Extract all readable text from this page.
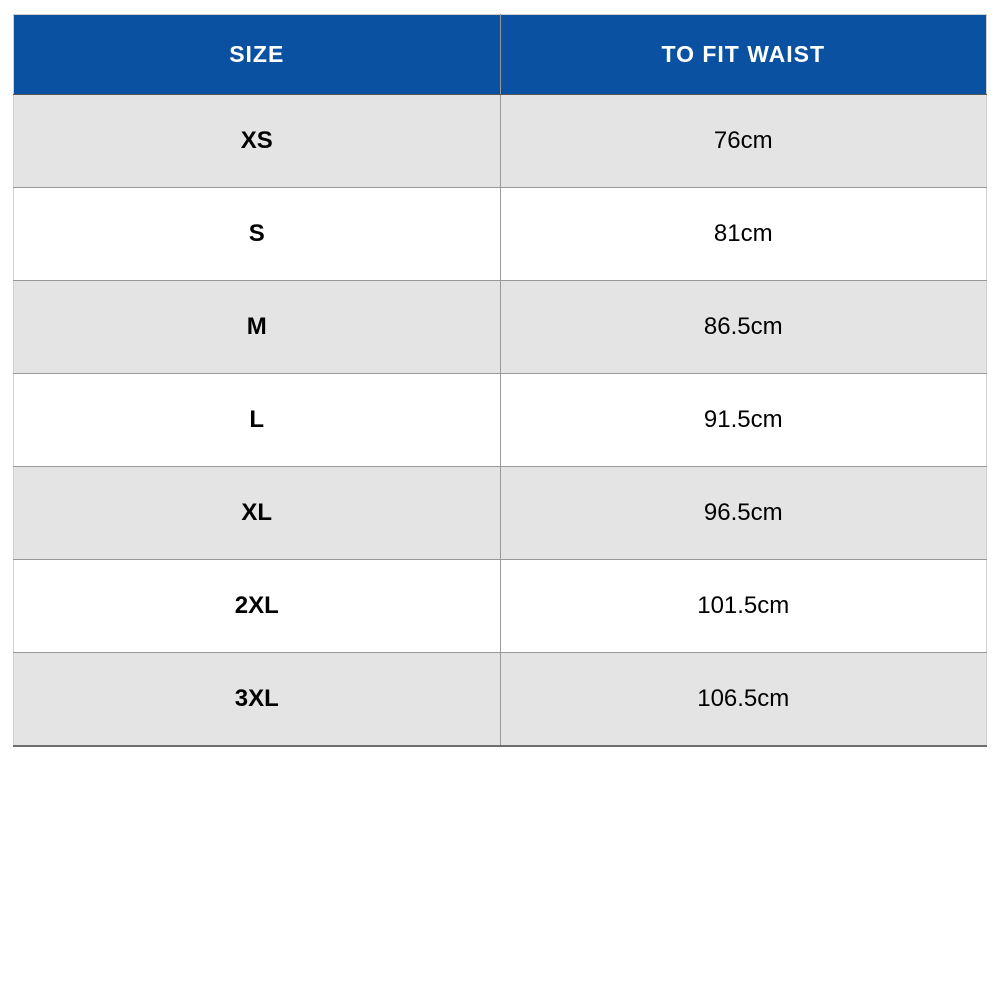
SIZE	TO FIT WAIST
XS	76cm
S	81cm
M	86.5cm
L	91.5cm
XL	96.5cm
2XL	101.5cm
3XL	106.5cm
